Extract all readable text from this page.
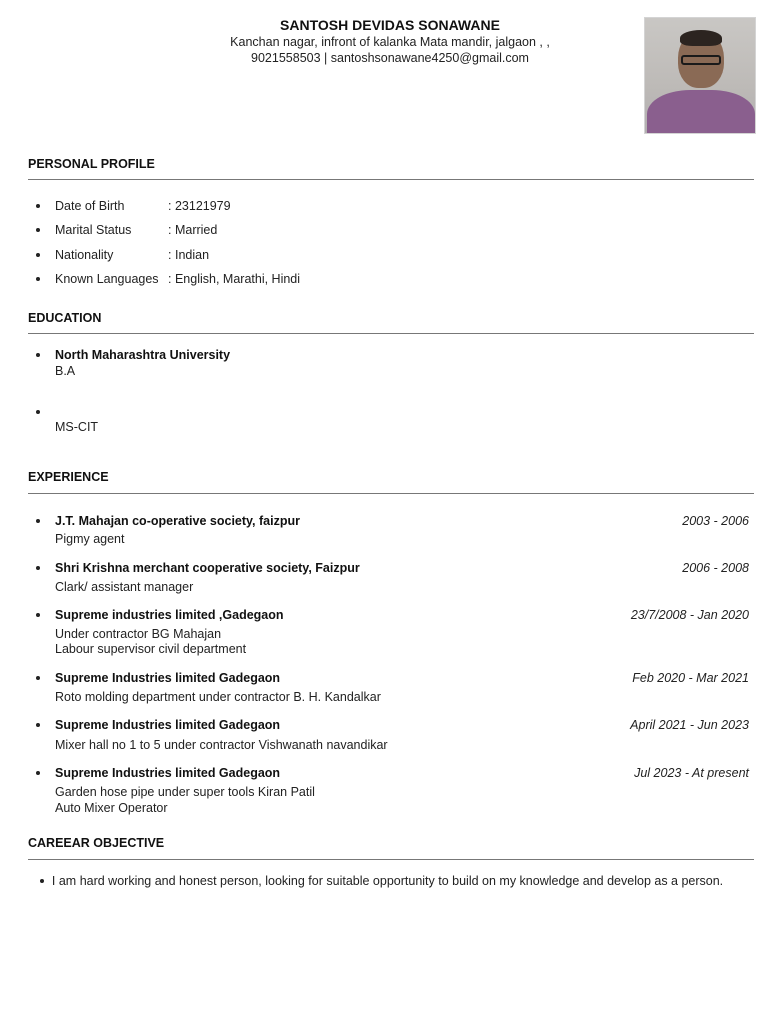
SANTOSH DEVIDAS SONAWANE
Kanchan nagar, infront of kalanka Mata mandir, jalgaon , ,
9021558503 | santoshsonawane4250@gmail.com
PERSONAL PROFILE
Date of Birth	: 23121979
Marital Status	: Married
Nationality	: Indian
Known Languages : English, Marathi, Hindi
EDUCATION
North Maharashtra University
B.A
MS-CIT
EXPERIENCE
J.T. Mahajan co-operative society, faizpur	2003 - 2006
Pigmy agent
Shri Krishna merchant cooperative society, Faizpur	2006 - 2008
Clark/ assistant manager
Supreme industries limited ,Gadegaon	23/7/2008 - Jan 2020
Under contractor BG Mahajan
Labour supervisor civil department
Supreme Industries limited Gadegaon	Feb 2020 - Mar 2021
Roto molding department under contractor B. H. Kandalkar
Supreme Industries limited Gadegaon	April 2021 - Jun 2023
Mixer hall no 1 to 5 under contractor Vishwanath navandikar
Supreme Industries limited Gadegaon	Jul 2023 - At present
Garden hose pipe under super tools Kiran Patil
Auto Mixer Operator
CAREEAR OBJECTIVE
I am hard working and honest person, looking for suitable opportunity to build on my knowledge and develop as a person.
